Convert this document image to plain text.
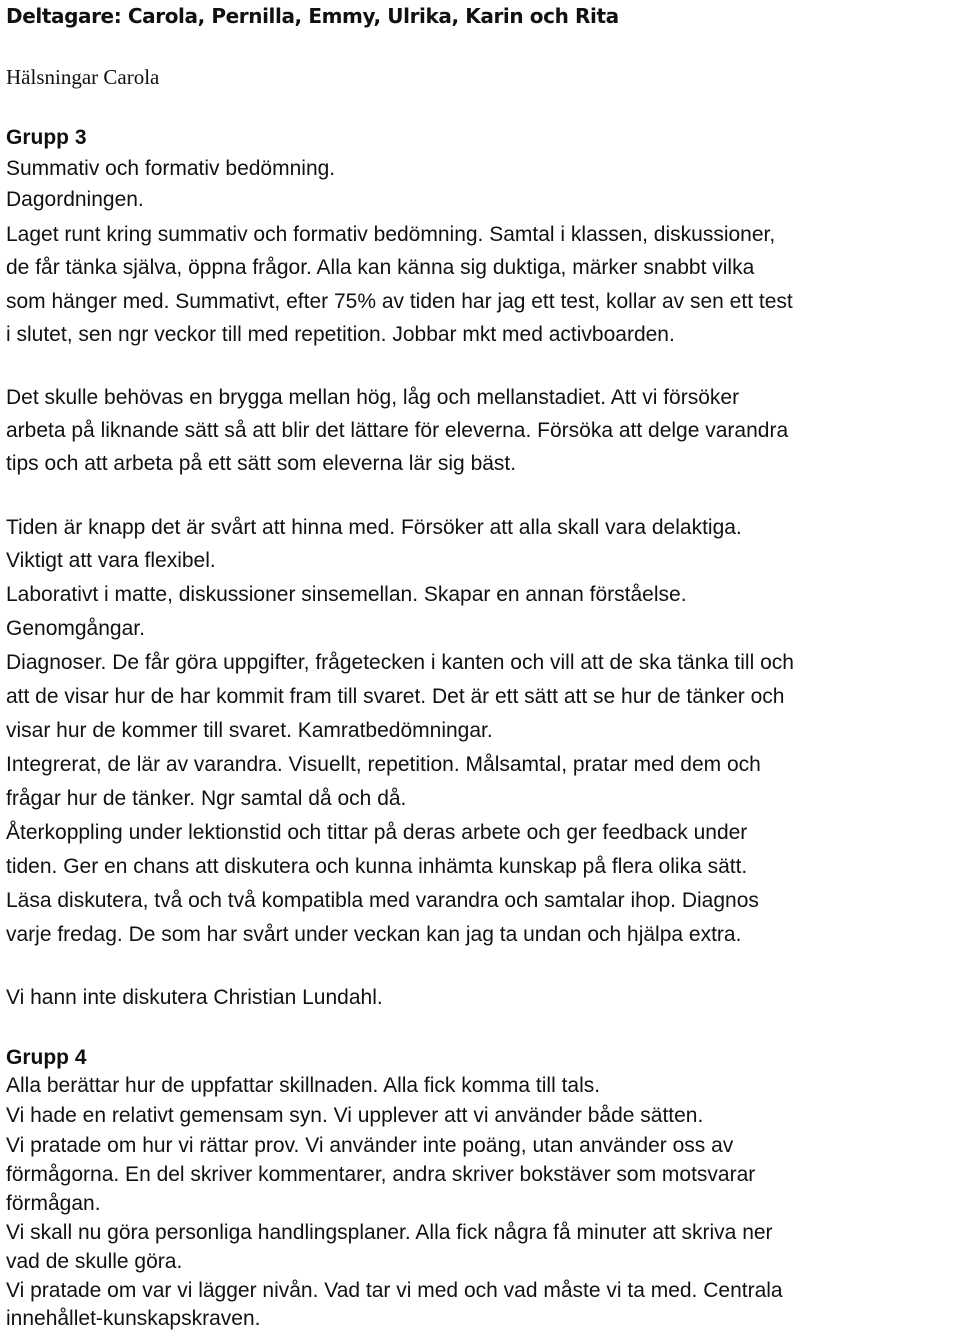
Deltagare: Carola, Pernilla, Emmy, Ulrika, Karin och Rita
Hälsningar Carola
Grupp 3
Summativ och formativ bedömning.
Dagordningen.
Laget runt kring summativ och formativ bedömning. Samtal i klassen, diskussioner,
de får tänka själva, öppna frågor. Alla kan känna sig duktiga, märker snabbt vilka
som hänger med. Summativt, efter 75% av tiden har jag ett test, kollar av sen ett test
i slutet, sen ngr veckor till med repetition. Jobbar mkt med activboarden.
Det skulle behövas en brygga mellan hög, låg och mellanstadiet. Att vi försöker
arbeta på liknande sätt så att blir det lättare för eleverna. Försöka att delge varandra
tips och att arbeta på ett sätt som eleverna lär sig bäst.
Tiden är knapp det är svårt att hinna med. Försöker att alla skall vara delaktiga.
Viktigt att vara flexibel.
Laborativt i matte, diskussioner sinsemellan. Skapar en annan förståelse.
Genomgångar.
Diagnoser. De får göra uppgifter, frågetecken i kanten och vill att de ska tänka till och
att de visar hur de har kommit fram till svaret. Det är ett sätt att se hur de tänker och
visar hur de kommer till svaret. Kamratbedömningar.
Integrerat, de lär av varandra. Visuellt, repetition. Målsamtal, pratar med dem och
frågar hur de tänker. Ngr samtal då och då.
Återkoppling under lektionstid och tittar på deras arbete och ger feedback under
tiden. Ger en chans att diskutera och kunna inhämta kunskap på flera olika sätt.
Läsa diskutera, två och två kompatibla med varandra och samtalar ihop. Diagnos
varje fredag. De som har svårt under veckan kan jag ta undan och hjälpa extra.
Vi hann inte diskutera Christian Lundahl.
Grupp 4
Alla berättar hur de uppfattar skillnaden. Alla fick komma till tals.
Vi hade en relativt gemensam syn. Vi upplever att vi använder både sätten.
Vi pratade om hur vi rättar prov. Vi använder inte poäng, utan använder oss av
förmågorna. En del skriver kommentarer, andra skriver bokstäver som motsvarar
förmågan.
Vi skall nu göra personliga handlingsplaner. Alla fick några få minuter att skriva ner
vad de skulle göra.
Vi pratade om var vi lägger nivån. Vad tar vi med och vad måste vi ta med. Centrala
innehållet-kunskapskraven.
